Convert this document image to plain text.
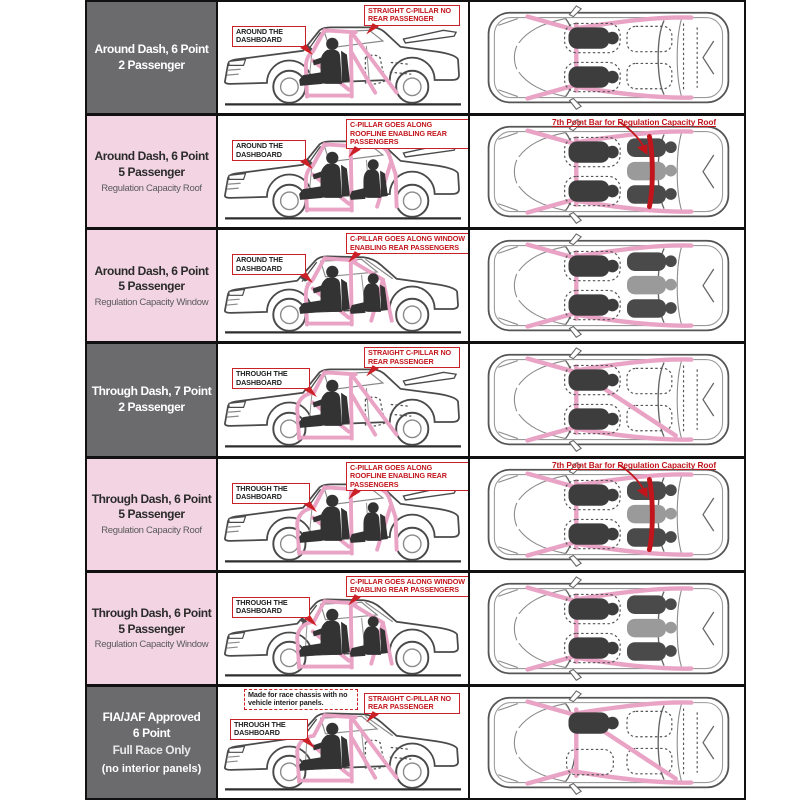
Around Dash, 6 Point
2 Passenger
AROUND THE DASHBOARD
STRAIGHT C-PILLAR NO REAR PASSENGER
Around Dash, 6 Point
5 Passenger
Regulation Capacity Roof
AROUND THE DASHBOARD
C-PILLAR GOES ALONG ROOFLINE ENABLING REAR PASSENGERS
7th Point Bar for Regulation Capacity Roof
Around Dash, 6 Point
5 Passenger
Regulation Capacity Window
AROUND THE DASHBOARD
C-PILLAR GOES ALONG WINDOW ENABLING REAR PASSENGERS
Through Dash, 7 Point
2 Passenger
THROUGH THE DASHBOARD
STRAIGHT C-PILLAR NO REAR PASSENGER
Through Dash, 6 Point
5 Passenger
Regulation Capacity Roof
THROUGH THE DASHBOARD
C-PILLAR GOES ALONG ROOFLINE ENABLING REAR PASSENGERS
7th Point Bar for Regulation Capacity Roof
Through Dash, 6 Point
5 Passenger
Regulation Capacity Window
THROUGH THE DASHBOARD
C-PILLAR GOES ALONG WINDOW ENABLING REAR PASSENGERS
FIA/JAF Approved
6 Point
Full Race Only
(no interior panels)
Made for race chassis with no vehicle interior panels.
THROUGH THE DASHBOARD
STRAIGHT C-PILLAR NO REAR PASSENGER
